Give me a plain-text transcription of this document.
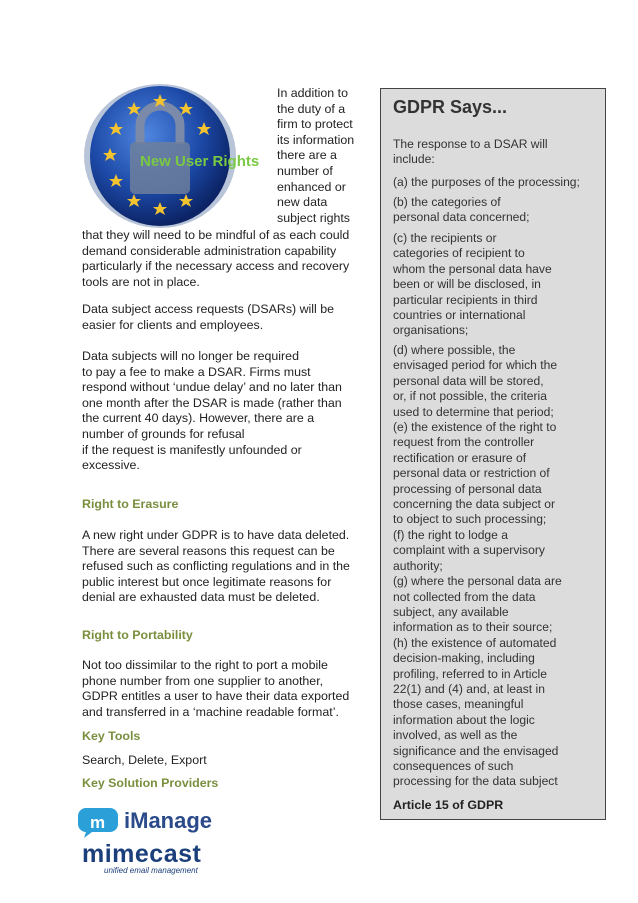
New User Rights

In addition to
the duty of a
firm to protect
its information
there are a
number of
enhanced or
new data
subject rights

that they will need to be mindful of as each could
demand considerable administration capability
particularly if the necessary access and recovery
tools are not in place.

Data subject access requests (DSARs) will be
easier for clients and employees.

Data subjects will no longer be required
to pay a fee to make a DSAR. Firms must
respond without ‘undue delay’ and no later than
one month after the DSAR is made (rather than
the current 40 days). However, there are a
number of grounds for refusal
if the request is manifestly unfounded or
excessive.

Right to Erasure

A new right under GDPR is to have data deleted.
There are several reasons this request can be
refused such as conflicting regulations and in the
public interest but once legitimate reasons for
denial are exhausted data must be deleted.

Right to Portability

Not too dissimilar to the right to port a mobile
phone number from one supplier to another,
GDPR entitles a user to have their data exported
and transferred in a ‘machine readable format’.

Key Tools

Search, Delete, Export

Key Solution Providers

m iManage
mimecast
unified email management

GDPR Says...

The response to a DSAR will
include:

(a) the purposes of the processing;

(b) the categories of
personal data concerned;

(c) the recipients or
categories of recipient to
whom the personal data have
been or will be disclosed, in
particular recipients in third
countries or international
organisations;

(d) where possible, the
envisaged period for which the
personal data will be stored,
or, if not possible, the criteria
used to determine that period;
(e) the existence of the right to
request from the controller
rectification or erasure of
personal data or restriction of
processing of personal data
concerning the data subject or
to object to such processing;
(f) the right to lodge a
complaint with a supervisory
authority;
(g) where the personal data are
not collected from the data
subject, any available
information as to their source;
(h) the existence of automated
decision-making, including
profiling, referred to in Article
22(1) and (4) and, at least in
those cases, meaningful
information about the logic
involved, as well as the
significance and the envisaged
consequences of such
processing for the data subject

Article 15 of GDPR
